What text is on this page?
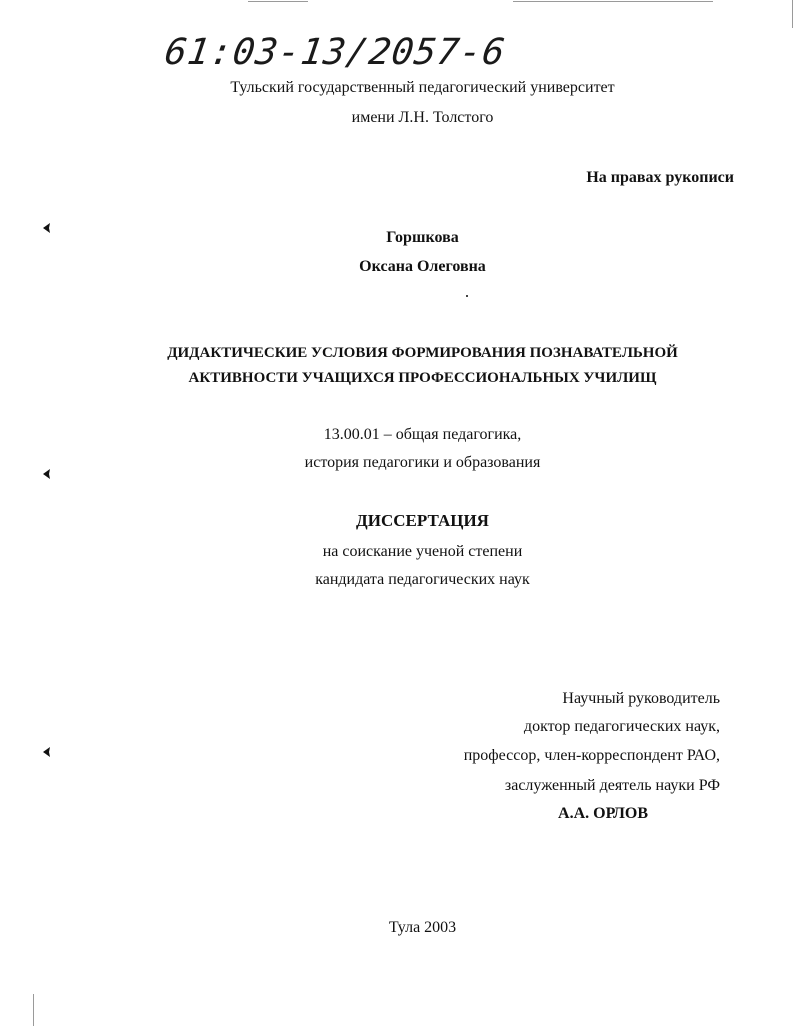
61:03-13/2057-6
Тульский государственный педагогический университет
имени Л.Н. Толстого
На правах рукописи
Горшкова
Оксана Олеговна
ДИДАКТИЧЕСКИЕ УСЛОВИЯ ФОРМИРОВАНИЯ ПОЗНАВАТЕЛЬНОЙ
АКТИВНОСТИ УЧАЩИХСЯ ПРОФЕССИОНАЛЬНЫХ УЧИЛИЩ
13.00.01 – общая педагогика,
история педагогики и образования
ДИССЕРТАЦИЯ
на соискание ученой степени
кандидата педагогических наук
Научный руководитель
доктор педагогических наук,
профессор, член-корреспондент РАО,
заслуженный деятель науки РФ
А.А. ОРЛОВ
Тула 2003
